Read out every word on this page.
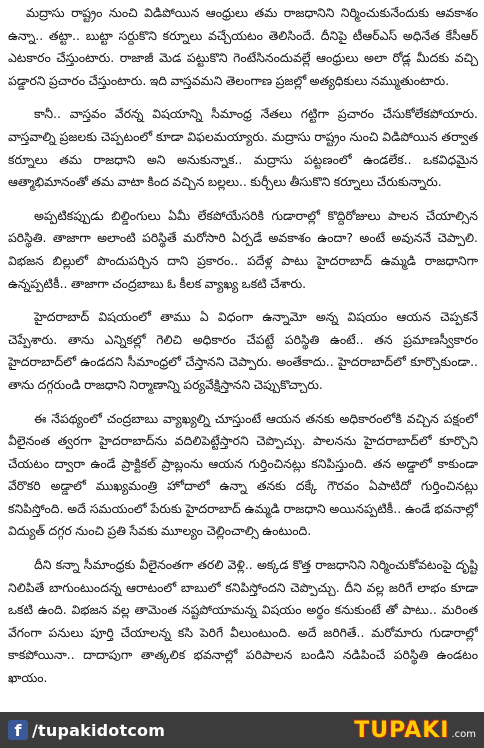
మద్రాసు రాష్ట్రం నుంచి విడిపోయిన ఆంధ్రులు తమ రాజధానిని నిర్మించుకునేందుకు ఆవకాశం ఉన్నా.. తట్టా.. బుట్టా సర్దుకొని కర్నూలు వచ్చేయటం తెలిసిందే. దీనిపై టీఆర్ఎస్ అధినేత కేసీఆర్ ఎటకారం చేస్తుంటారు. రాజాజీ మెడ పట్టుకొని గెంటేసినందువల్లే ఆంధ్రులు అలా రోడ్ల మీదకు వచ్చి పడ్డారని ప్రచారం చేస్తుంటారు. ఇది వాస్తవమని తెలంగాణ ప్రజల్లో అత్యధికులు నమ్ముతుంటారు.

కానీ.. వాస్తవం వేరన్న విషయాన్ని సీమాంధ్ర నేతలు గట్టిగా ప్రచారం చేసుకోలేకపోయారు. వాస్తవాల్ని ప్రజలకు చెప్పటంలో కూడా విఫలమయ్యారు. మద్రాసు రాష్ట్రం నుంచి విడిపోయిన తర్వాత కర్నూలు తమ రాజధాని అని అనుకున్నాక.. మద్రాసు పట్టణంలో ఉండలేక.. ఒకవిధమైన ఆత్మాభిమానంతో తమ వాటా కింద వచ్చిన బల్లలు.. కుర్చీలు తీసుకొని కర్నూలు చేరుకున్నారు.

అప్పటికప్పుడు బిల్డింగులు ఏమీ లేకపోయేసరికి గుడారాల్లో కొద్దిరోజులు పాలన చేయాల్సిన పరిస్థితి. తాజాగా అలాంటి పరిస్థితే మరోసారి ఏర్పడే అవకాశం ఉందా? అంటే అవుననే చెప్పాలి. విభజన బిల్లులో పొందుపర్చిన దాని ప్రకారం.. పదేళ్ల పాటు హైదరాబాద్ ఉమ్మడి రాజధానిగా ఉన్నప్పటికీ.. తాజాగా చంద్రబాబు ఓ కీలక వ్యాఖ్య ఒకటి చేశారు.

హైదరాబాద్ విషయంలో తాము ఏ విధంగా ఉన్నామో అన్న విషయం ఆయన చెప్పకనే చెప్పేశారు. తాను ఎన్నికల్లో గెలిచి అధికారం చేపట్టే పరిస్థితి ఉంటే.. తన ప్రమాణస్వీకారం హైదరాబాద్‌లో ఉండదని సీమాంధ్రలో చేస్తానని చెప్పారు. అంతేకాదు.. హైదరాబాద్‌లో కూర్చొకుండా.. తాను దగ్గరుండి రాజధాని నిర్మాణాన్ని పర్యవేక్షిస్తానని చెప్పుకొచ్చారు.

ఈ నేపథ్యంలో చంద్రబాబు వ్యాఖ్యల్ని చూస్తుంటే ఆయన తనకు అధికారంలోకి వచ్చిన పక్షంలో వీలైనంత త్వరగా హైదరాబాద్‌ను వదిలిపెట్టేస్తారని చెప్పొచ్చు. పాలనను హైదరాబాద్‌లో కూర్చొని చేయటం ద్వారా ఉండే ప్రాక్టికల్ ప్రాబ్లంను ఆయన గుర్తించినట్లు కనిపిస్తుంది. తన అడ్డాలో కాకుండా వేరొకరి అడ్డాలో ముఖ్యమంత్రి హోదాలో ఉన్నా తనకు దక్కే గౌరవం ఏపాటిదో గుర్తించినట్లు కనిపిస్తోంది. అదే సమయంలో పేరుకు హైదరాబాద్ ఉమ్మడి రాజధాని అయినప్పటికీ.. ఉండే భవనాల్లో విద్యుత్ దగ్గర నుంచి ప్రతి సేవకు మూల్యం చెల్లించాల్సి ఉంటుంది.

దీని కన్నా సీమాంధ్రకు వీలైనంతగా తరలి వెళ్లి.. అక్కడ కొత్త రాజధానిని నిర్మించుకోవటంపై దృష్టి నిలిపితే బాగుంటుందన్న ఆరాటంలో బాబులో కనిపిస్తోందని చెప్పొచ్చు. దీని వల్ల జరిగే లాభం కూడా ఒకటి ఉంది. విభజన వల్ల తామెంత నష్టపోయామన్న విషయం అర్థం కనుకుంటే తో పాటు.. మరింత వేగంగా పనులు పూర్తి చేయాలన్న కసి పెరిగే వీలుంటుంది. అదే జరిగితే.. మరోమారు గుడారాల్లో కాకపోయినా.. దాదాపుగా తాత్కలిక భవనాల్లో పరిపాలన బండిని నడిపించే పరిస్థితి ఉండటం ఖాయం.

f /tupakidotcom	TUPAKI .com
